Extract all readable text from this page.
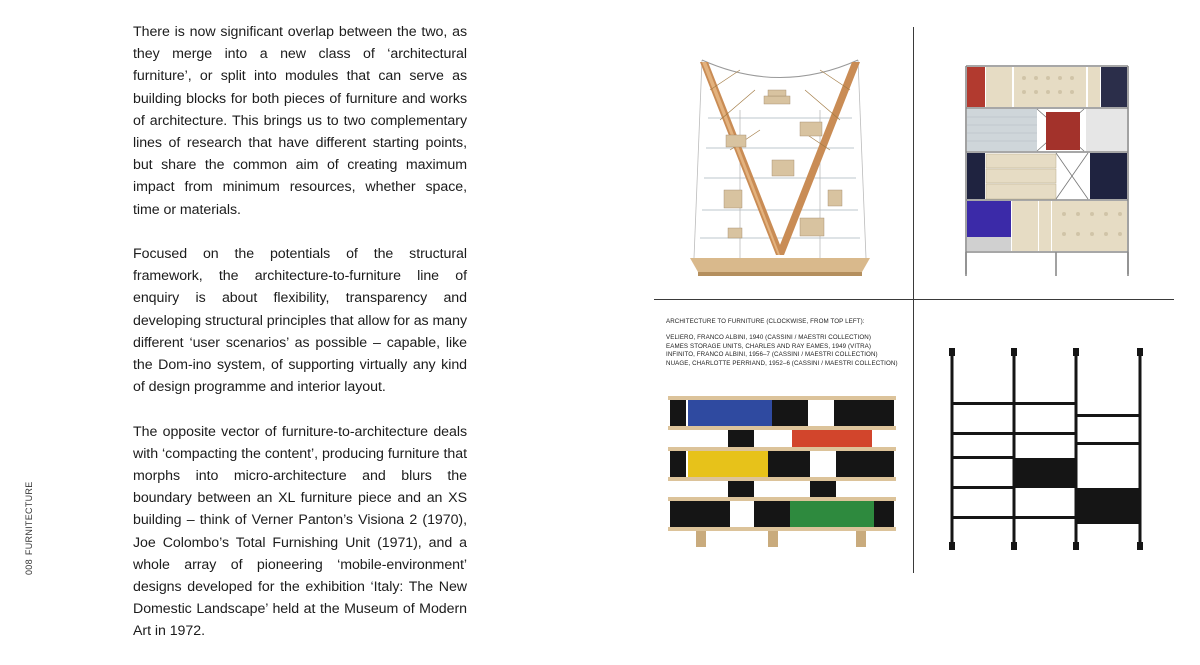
There is now significant overlap between the two, as they merge into a new class of ‘architectural furniture’, or split into modules that can serve as building blocks for both pieces of furniture and works of architecture. This brings us to two complementary lines of research that have different starting points, but share the common aim of creating maximum impact from minimum resources, whether space, time or materials.

Focused on the potentials of the structural framework, the architecture-to-furniture line of enquiry is about flexibility, transparency and developing structural principles that allow for as many different ‘user scenarios’ as possible – capable, like the Dom-ino system, of supporting virtually any kind of design programme and interior layout.

The opposite vector of furniture-to-architecture deals with ‘compacting the content’, producing furniture that morphs into micro-architecture and blurs the boundary between an XL furniture piece and an XS building – think of Verner Panton’s Visiona 2 (1970), Joe Colombo’s Total Furnishing Unit (1971), and a whole array of pioneering ‘mobile-environment’ designs developed for the exhibition ‘Italy: The New Domestic Landscape’ held at the Museum of Modern Art in 1972.

008FURNITECTURE
ARCHITECTURE TO FURNITURE (CLOCKWISE, FROM TOP LEFT):
VELIERO, FRANCO ALBINI, 1940 (CASSINI / MAESTRI COLLECTION)
EAMES STORAGE UNITS, CHARLES AND RAY EAMES, 1949 (VITRA)
INFINITO, FRANCO ALBINI, 1956–7 (CASSINI / MAESTRI COLLECTION)
NUAGE, CHARLOTTE PERRIAND, 1952–6 (CASSINI / MAESTRI COLLECTION)
